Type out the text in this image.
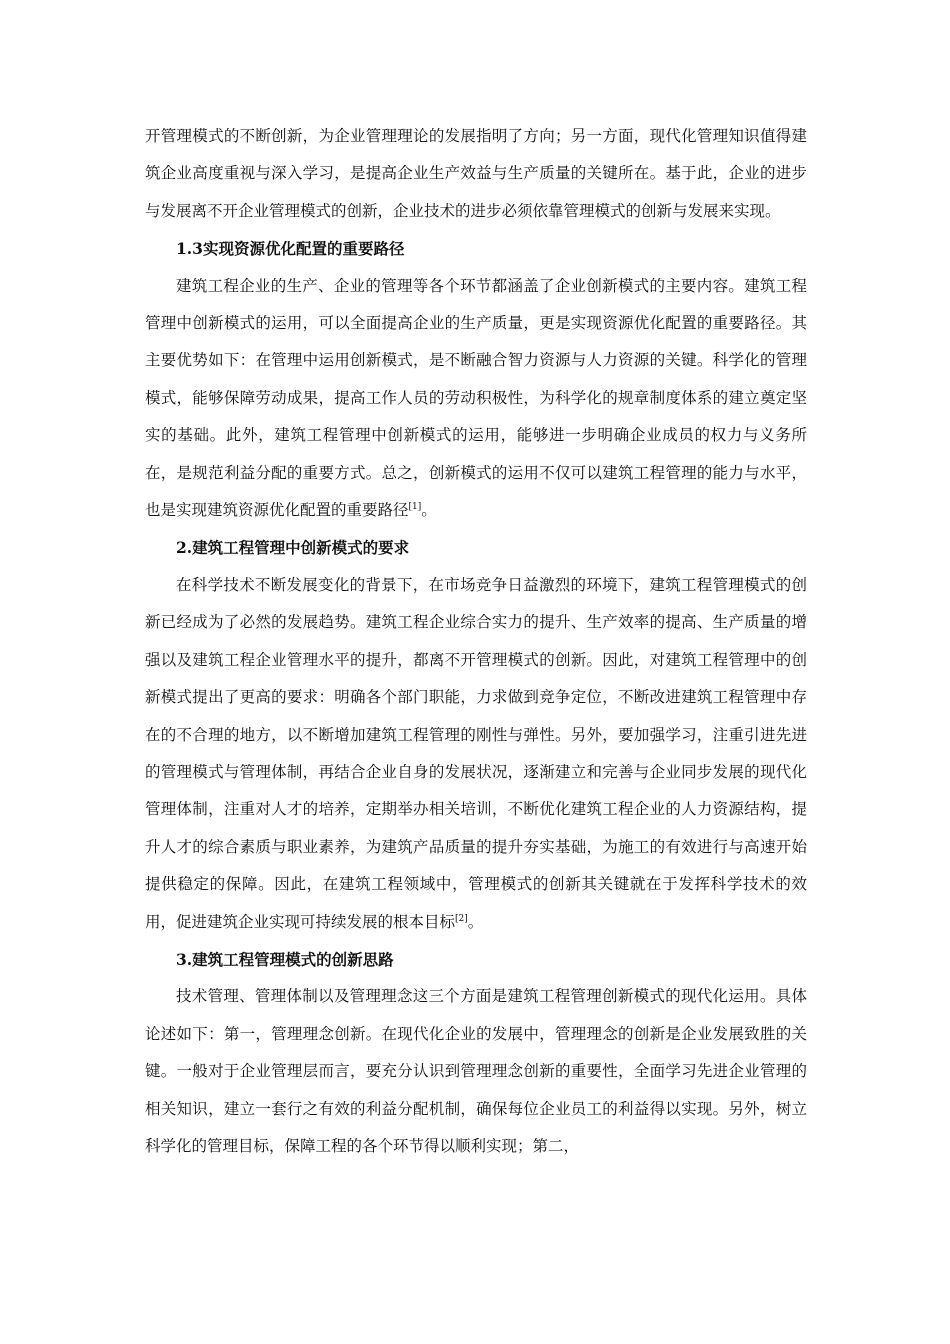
开管理模式的不断创新，为企业管理理论的发展指明了方向；另一方面，现代化管理知识值得建筑企业高度重视与深入学习，是提高企业生产效益与生产质量的关键所在。基于此，企业的进步与发展离不开企业管理模式的创新，企业技术的进步必须依靠管理模式的创新与发展来实现。

1.3实现资源优化配置的重要路径

建筑工程企业的生产、企业的管理等各个环节都涵盖了企业创新模式的主要内容。建筑工程管理中创新模式的运用，可以全面提高企业的生产质量，更是实现资源优化配置的重要路径。其主要优势如下：在管理中运用创新模式，是不断融合智力资源与人力资源的关键。科学化的管理模式，能够保障劳动成果，提高工作人员的劳动积极性，为科学化的规章制度体系的建立奠定坚实的基础。此外，建筑工程管理中创新模式的运用，能够进一步明确企业成员的权力与义务所在，是规范利益分配的重要方式。总之，创新模式的运用不仅可以建筑工程管理的能力与水平，也是实现建筑资源优化配置的重要路径[1]。

2.建筑工程管理中创新模式的要求

在科学技术不断发展变化的背景下，在市场竞争日益激烈的环境下，建筑工程管理模式的创新已经成为了必然的发展趋势。建筑工程企业综合实力的提升、生产效率的提高、生产质量的增强以及建筑工程企业管理水平的提升，都离不开管理模式的创新。因此，对建筑工程管理中的创新模式提出了更高的要求：明确各个部门职能，力求做到竞争定位，不断改进建筑工程管理中存在的不合理的地方，以不断增加建筑工程管理的刚性与弹性。另外，要加强学习，注重引进先进的管理模式与管理体制，再结合企业自身的发展状况，逐渐建立和完善与企业同步发展的现代化管理体制，注重对人才的培养，定期举办相关培训，不断优化建筑工程企业的人力资源结构，提升人才的综合素质与职业素养，为建筑产品质量的提升夯实基础，为施工的有效进行与高速开始提供稳定的保障。因此，在建筑工程领域中，管理模式的创新其关键就在于发挥科学技术的效用，促进建筑企业实现可持续发展的根本目标[2]。

3.建筑工程管理模式的创新思路

技术管理、管理体制以及管理理念这三个方面是建筑工程管理创新模式的现代化运用。具体论述如下：第一，管理理念创新。在现代化企业的发展中，管理理念的创新是企业发展致胜的关键。一般对于企业管理层而言，要充分认识到管理理念创新的重要性，全面学习先进企业管理的相关知识，建立一套行之有效的利益分配机制，确保每位企业员工的利益得以实现。另外，树立科学化的管理目标，保障工程的各个环节得以顺利实现；第二，
